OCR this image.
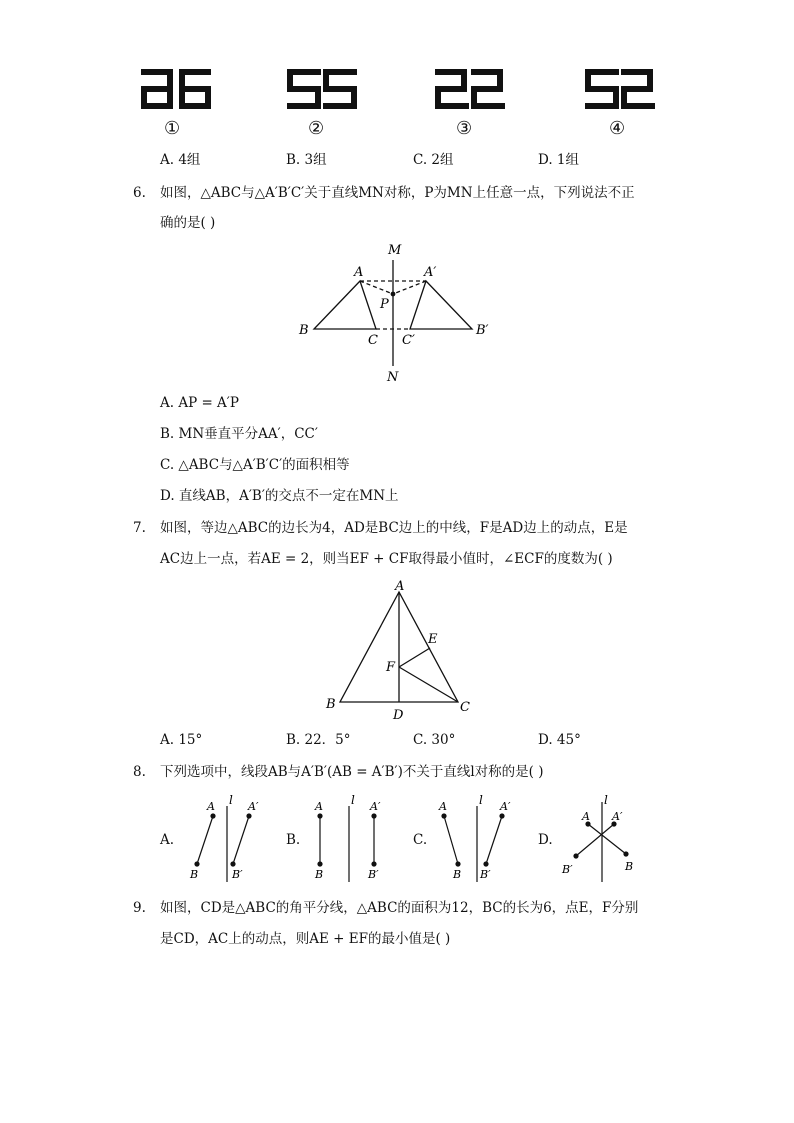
①	②	③	④
A. 4组	B. 3组	C. 2组	D. 1组
6. 如图，△ABC与△A′B′C′关于直线MN对称，P为MN上任意一点，下列说法不正
确的是( )
M
N
A	A′
P
B
C C′
B′
A. AP = A′P
B. MN垂直平分AA′，CC′
C. △ABC与△A′B′C′的面积相等
D. 直线AB，A′B′的交点不一定在MN上
7. 如图，等边△ABC的边长为4，AD是BC边上的中线，F是AD边上的动点，E是
AC边上一点，若AE = 2，则当EF + CF取得最小值时，∠ECF的度数为( )
A
E
F
B
D
C
A. 15°	B. 22．5°	C. 30°	D. 45°
8. 下列选项中，线段AB与A′B′(AB = A′B′)不关于直线l对称的是( )
A.	B.	C.	D.
l
A	A′
B	B′
l
A	A′
B	B′
l
A	A′
B B′
l
A A′
B
B′
9. 如图，CD是△ABC的角平分线，△ABC的面积为12，BC的长为6，点E，F分别
是CD，AC上的动点，则AE + EF的最小值是( )
